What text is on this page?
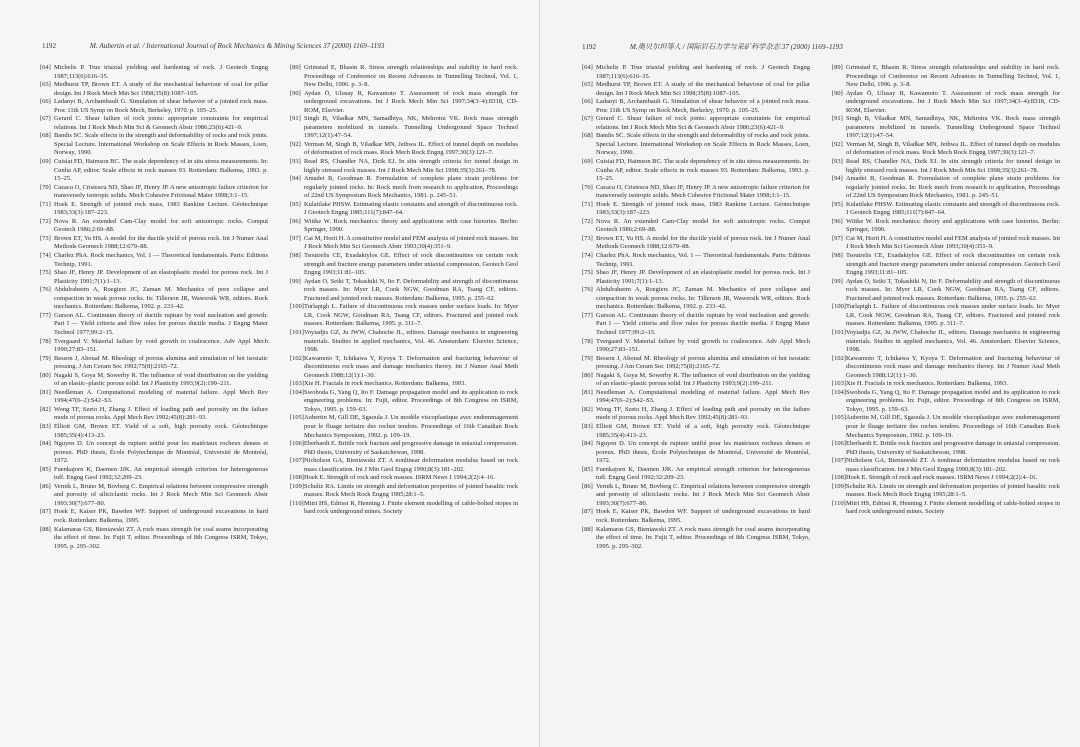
1192	M. Aubertin et al. / International Journal of Rock Mechanics & Mining Sciences 37 (2000) 1169–1193

[64] Michelis P. True triaxial yielding and hardening of rock. J Geotech Engng 1987;113(6):616–35.

[65] Medhurst TP, Brown ET. A study of the mechanical behaviour of coal for pillar design. Int J Rock Mech Min Sci 1998;35(8):1087–105.

[66] Ladanyi B, Archambault G. Simulation of shear behavior of a jointed rock mass. Proc 11th US Symp on Rock Mech, Berkeley, 1970. p. 105–25.

[67] Gerard C. Shear failure of rock joints: appropriate constraints for empirical relations. Int J Rock Mech Min Sci & Geomech Abstr 1986;23(6):421–9.

[68] Bandis SC. Scale effects in the strength and deformability of rocks and rock joints. Special Lecture. International Workshop on Scale Effects in Rock Masses, Loen, Norway, 1990.

[69] Cuisiat FD, Haimson BC. The scale dependency of in situ stress measurements. In: Cunha AP, editor. Scale effects in rock masses 93. Rotterdam: Balkema, 1993. p. 15–25.

[70] Cazacu O, Cristescu ND, Shao JF, Henry JP. A new anisotropic failure criterion for transversely isotropic solids. Mech Cohesive Frictional Mater 1998;3:1–15.

[71] Hoek E. Strength of jointed rock mass, 1983 Rankine Lecture. Géotechnique 1983;33(3):187–223.

[72] Nova R. An extended Cam-Clay model for soft anisotropic rocks. Comput Geotech 1986;2:69–88.

[73] Brown ET, Yu HS. A model for the ductile yield of porous rock. Int J Numer Anal Methods Geomech 1988;12:679–88.

[74] Charlez PhA. Rock mechanics, Vol. 1 — Theoretical fundamentals. Paris: Editions Technip, 1991.

[75] Shao JF, Henry JP. Development of an elastoplastic model for porous rock. Int J Plasticity 1991;7(1):1–13.

[76] Abdulraheem A, Roegiers JC, Zaman M. Mechanics of pore collapse and compaction in weak porous rocks. In: Tillerson JR, Wawersik WR, editors. Rock mechanics. Rotterdam: Balkema, 1992. p. 233–42.

[77] Gurson AL. Continuum theory of ductile rupture by void nucleation and growth: Part I — Yield criteria and flow rules for porous ductile media. J Engng Mater Technol 1977;99:2–15.

[78] Tvergaard V. Material failure by void growth to coalescence. Adv Appl Mech 1990;27:83–151.

[79] Besson J, Abouaf M. Rheology of porous alumina and simulation of hot isostatic pressing. J Am Ceram Soc 1992;75(8):2165–72.

[80] Nagaki S, Goya M, Sowerby R. The influence of void distribution on the yielding of an elastic–plastic porous solid. Int J Plasticity 1993;9(2):199–211.

[81] Needleman A. Computational modeling of material failure. Appl Mech Rev 1994;47(6–2):S42–S3.

[82] Wong TF, Szeto H, Zhang J. Effect of loading path and porosity on the failure mode of porous rocks. Appl Mech Rev 1992;45(8):281–93.

[83] Elliott GM, Brown ET. Yield of a soft, high porosity rock. Géotechnique 1985;35(4):413–23.

[84] Nguyen D. Un concept de rupture unifié pour les matériaux rocheux denses et poreux. PhD thesis, École Polytechnique de Montréal, Université de Montréal, 1972.

[85] Fuenkajorn K, Daemen JJK. An empirical strength criterion for heterogeneous tuff. Engng Geol 1992;32:209–23.

[86] Vernik L, Bruno M, Bovberg C. Empirical relations between compressive strength and porosity of siliciclastic rocks. Int J Rock Mech Min Sci Geomech Abstr 1993;30(7):677–80.

[87] Hoek E, Kaiser PK, Bawden WF. Support of underground excavations in hard rock. Rotterdam: Balkema, 1995.

[88] Kalamaras GS, Bieniawski ZT. A rock mass strength for coal seams incorporating the effect of time. In: Fujii T, editor. Proceedings of 8th Congress ISRM, Tokyo, 1995. p. 295–302.

[89] Grimstad E, Bhasin R. Stress strength relationships and stability in hard rock. Proceedings of Conference on Recent Advances in Tunnelling Technol, Vol. 1, New Delhi, 1996. p. 3–8.

[90] Aydan Ö, Ulusay R, Kawamoto T. Assessment of rock mass strength for underground excavations. Int J Rock Mech Min Sci 1997;34(3–4):ID18, CD-ROM, Elsevier.

[91] Singh B, Viladkar MN, Samadhiya, NK, Mehrotra VK. Rock mass strength parameters mobilized in tunnels. Tunnelling Underground Space Technol 1997;12(1):47–54.

[92] Verman M, Singh B, Viladkar MN, Jethwa JL. Effect of tunnel depth on modulus of deformation of rock mass. Rock Mech Rock Engng 1997;30(3):121–7.

[93] Read RS, Chandler NA, Dzik EJ. In situ strength criteria for tunnel design in highly stressed rock masses. Int J Rock Mech Min Sci 1998;35(3):261–78.

[94] Amadei B, Goodman R. Formulation of complete plane strain problems for regularly jointed rocks. In: Rock mech from research to application, Proceedings of 22nd US Symposium Rock Mechanics, 1981. p. 245–51.

[95] Kulatilake PHSW. Estimating elastic constants and strength of discontinuous rock. J Geotech Engng 1985;111(7):847–64.

[96] Wittke W. Rock mechanics: theory and applications with case histories. Berlin: Springer, 1990.

[97] Cai M, Horii H. A constitutive model and FEM analysis of jointed rock masses. Int J Rock Mech Min Sci Geomech Abstr 1993;30(4):351–9.

[98] Tsoutrelis CE, Exadaktylos GE. Effect of rock discontinuities on certain rock strength and fracture energy parameters under uniaxial compression. Geotech Geol Engng 1993;11:81–105.

[99] Aydan O, Seiki T, Tokashiki N, Ito F. Deformability and strength of discontinuous rock masses. In: Myer LR, Cook NGW, Goodman RA, Tsang CF, editors. Fractured and jointed rock masses. Rotterdam: Balkema, 1995. p. 255–62.

[100]Turlapigh L. Failure of discontinuous rock masses under surface loads. In: Myer LR, Cook NGW, Goodman RA, Tsang CF, editors. Fractured and jointed rock masses. Rotterdam: Balkema, 1995. p. 311–7.

[101]Voyiadjis GZ, Ju JWW, Chaboche JL, editors. Damage mechanics in engineering materials. Studies in applied mechanics, Vol. 46. Amsterdam: Elsevier Science, 1998.

[102]Kawamoto T, Ichikawa Y, Kyoya T. Deformation and fracturing behaviour of discontinuous rock mass and damage mechanics theory. Int J Numer Anal Meth Geomech 1988;12(1):1–30.

[103]Xie H. Fractals in rock mechanics. Rotterdam: Balkema, 1993.

[104]Swoboda G, Yang Q, Ito F. Damage propagation model and its application to rock engineering problems. In: Fujii, editor. Proceedings of 8th Congress on ISRM, Tokyo, 1995. p. 159–63.

[105]Aubertin M, Gill DE, Sgaoula J. Un modèle viscoplastique avec endommagement pour le fluage tertiaire des roches tendres. Proceedings of 16th Canadian Rock Mechanics Symposium, 1992. p. 109–19.

[106]Eberhardt E. Brittle rock fracture and progressive damage in uniaxial compression. PhD thesis, University of Saskatchewan, 1998.

[107]Nicholson GA, Bieniawski ZT. A nonlinear deformation modulus based on rock mass classification. Int J Min Geol Engng 1990;8(3):181–202.

[108]Hoek E. Strength of rock and rock masses. ISRM News J 1994;2(2):4–16.

[109]Schultz RA. Limits on strength and deformation properties of jointed basaltic rock masses. Rock Mech Rock Engng 1995;28:1–5.

[110]Mitri HS, Edrissi R, Henning J. Finite element modelling of cable-bolted stopes in hard rock underground mines. Society

1192	M.奥贝尔坦等人 / 国际岩石力学与采矿科学杂志 37 (2000) 1169–1193

[64] Michelis P. True triaxial yielding and hardening of rock. J Geotech Engng 1987;113(6):616–35.

[65] Medhurst TP, Brown ET. A study of the mechanical behaviour of coal for pillar design. Int J Rock Mech Min Sci 1998;35(8):1087–105.

[66] Ladanyi B, Archambault G. Simulation of shear behavior of a jointed rock mass. Proc 11th US Symp on Rock Mech, Berkeley, 1970. p. 105–25.

[67] Gerard C. Shear failure of rock joints: appropriate constraints for empirical relations. Int J Rock Mech Min Sci & Geomech Abstr 1986;23(6):421–9.

[68] Bandis SC. Scale effects in the strength and deformability of rocks and rock joints. Special Lecture. International Workshop on Scale Effects in Rock Masses, Loen, Norway, 1990.

[69] Cuisiat FD, Haimson BC. The scale dependency of in situ stress measurements. In: Cunha AP, editor. Scale effects in rock masses 93. Rotterdam: Balkema, 1993. p. 15–25.

[70] Cazacu O, Cristescu ND, Shao JF, Henry JP. A new anisotropic failure criterion for transversely isotropic solids. Mech Cohesive Frictional Mater 1998;3:1–15.

[71] Hoek E. Strength of jointed rock mass, 1983 Rankine Lecture. Géotechnique 1983;33(3):187–223.

[72] Nova R. An extended Cam-Clay model for soft anisotropic rocks. Comput Geotech 1986;2:69–88.

[73] Brown ET, Yu HS. A model for the ductile yield of porous rock. Int J Numer Anal Methods Geomech 1988;12:679–88.

[74] Charlez PhA. Rock mechanics, Vol. 1 — Theoretical fundamentals. Paris: Editions Technip, 1991.

[75] Shao JF, Henry JP. Development of an elastoplastic model for porous rock. Int J Plasticity 1991;7(1):1–13.

[76] Abdulraheem A, Roegiers JC, Zaman M. Mechanics of pore collapse and compaction in weak porous rocks. In: Tillerson JR, Wawersik WR, editors. Rock mechanics. Rotterdam: Balkema, 1992. p. 233–42.

[77] Gurson AL. Continuum theory of ductile rupture by void nucleation and growth: Part I — Yield criteria and flow rules for porous ductile media. J Engng Mater Technol 1977;99:2–15.

[78] Tvergaard V. Material failure by void growth to coalescence. Adv Appl Mech 1990;27:83–151.

[79] Besson J, Abouaf M. Rheology of porous alumina and simulation of hot isostatic pressing. J Am Ceram Soc 1992;75(8):2165–72.

[80] Nagaki S, Goya M, Sowerby R. The influence of void distribution on the yielding of an elastic–plastic porous solid. Int J Plasticity 1993;9(2):199–211.

[81] Needleman A. Computational modeling of material failure. Appl Mech Rev 1994;47(6–2):S42–S3.

[82] Wong TF, Szeto H, Zhang J. Effect of loading path and porosity on the failure mode of porous rocks. Appl Mech Rev 1992;45(8):281–93.

[83] Elliott GM, Brown ET. Yield of a soft, high porosity rock. Géotechnique 1985;35(4):413–23.

[84] Nguyen D. Un concept de rupture unifié pour les matériaux rocheux denses et poreux. PhD thesis, École Polytechnique de Montréal, Université de Montréal, 1972.

[85] Fuenkajorn K, Daemen JJK. An empirical strength criterion for heterogeneous tuff. Engng Geol 1992;32:209–23.

[86] Vernik L, Bruno M, Bovberg C. Empirical relations between compressive strength and porosity of siliciclastic rocks. Int J Rock Mech Min Sci Geomech Abstr 1993;30(7):677–80.

[87] Hoek E, Kaiser PK, Bawden WF. Support of underground excavations in hard rock. Rotterdam: Balkema, 1995.

[88] Kalamaras GS, Bieniawski ZT. A rock mass strength for coal seams incorporating the effect of time. In: Fujii T, editor. Proceedings of 8th Congress ISRM, Tokyo, 1995. p. 295–302.

[89] Grimstad E, Bhasin R. Stress strength relationships and stability in hard rock. Proceedings of Conference on Recent Advances in Tunnelling Technol, Vol. 1, New Delhi, 1996. p. 3–8.

[90] Aydan Ö, Ulusay R, Kawamoto T. Assessment of rock mass strength for underground excavations. Int J Rock Mech Min Sci 1997;34(3–4):ID18, CD-ROM, Elsevier.

[91] Singh B, Viladkar MN, Samadhiya, NK, Mehrotra VK. Rock mass strength parameters mobilized in tunnels. Tunnelling Underground Space Technol 1997;12(1):47–54.

[92] Verman M, Singh B, Viladkar MN, Jethwa JL. Effect of tunnel depth on modulus of deformation of rock mass. Rock Mech Rock Engng 1997;30(3):121–7.

[93] Read RS, Chandler NA, Dzik EJ. In situ strength criteria for tunnel design in highly stressed rock masses. Int J Rock Mech Min Sci 1998;35(3):261–78.

[94] Amadei B, Goodman R. Formulation of complete plane strain problems for regularly jointed rocks. In: Rock mech from research to application, Proceedings of 22nd US Symposium Rock Mechanics, 1981. p. 245–51.

[95] Kulatilake PHSW. Estimating elastic constants and strength of discontinuous rock. J Geotech Engng 1985;111(7):847–64.

[96] Wittke W. Rock mechanics: theory and applications with case histories. Berlin: Springer, 1990.

[97] Cai M, Horii H. A constitutive model and FEM analysis of jointed rock masses. Int J Rock Mech Min Sci Geomech Abstr 1993;30(4):351–9.

[98] Tsoutrelis CE, Exadaktylos GE. Effect of rock discontinuities on certain rock strength and fracture energy parameters under uniaxial compression. Geotech Geol Engng 1993;11:81–105.

[99] Aydan O, Seiki T, Tokashiki N, Ito F. Deformability and strength of discontinuous rock masses. In: Myer LR, Cook NGW, Goodman RA, Tsang CF, editors. Fractured and jointed rock masses. Rotterdam: Balkema, 1995. p. 255–62.

[100]Turlapigh L. Failure of discontinuous rock masses under surface loads. In: Myer LR, Cook NGW, Goodman RA, Tsang CF, editors. Fractured and jointed rock masses. Rotterdam: Balkema, 1995. p. 311–7.

[101]Voyiadjis GZ, Ju JWW, Chaboche JL, editors. Damage mechanics in engineering materials. Studies in applied mechanics, Vol. 46. Amsterdam: Elsevier Science, 1998.

[102]Kawamoto T, Ichikawa Y, Kyoya T. Deformation and fracturing behaviour of discontinuous rock mass and damage mechanics theory. Int J Numer Anal Meth Geomech 1988;12(1):1–30.

[103]Xie H. Fractals in rock mechanics. Rotterdam: Balkema, 1993.

[104]Swoboda G, Yang Q, Ito F. Damage propagation model and its application to rock engineering problems. In: Fujii, editor. Proceedings of 8th Congress on ISRM, Tokyo, 1995. p. 159–63.

[105]Aubertin M, Gill DE, Sgaoula J. Un modèle viscoplastique avec endommagement pour le fluage tertiaire des roches tendres. Proceedings of 16th Canadian Rock Mechanics Symposium, 1992. p. 109–19.

[106]Eberhardt E. Brittle rock fracture and progressive damage in uniaxial compression. PhD thesis, University of Saskatchewan, 1998.

[107]Nicholson GA, Bieniawski ZT. A nonlinear deformation modulus based on rock mass classification. Int J Min Geol Engng 1990;8(3):181–202.

[108]Hoek E. Strength of rock and rock masses. ISRM News J 1994;2(2):4–16.

[109]Schultz RA. Limits on strength and deformation properties of jointed basaltic rock masses. Rock Mech Rock Engng 1995;28:1–5.

[110]Mitri HS, Edrissi R, Henning J. Finite element modelling of cable-bolted stopes in hard rock underground mines. Society
